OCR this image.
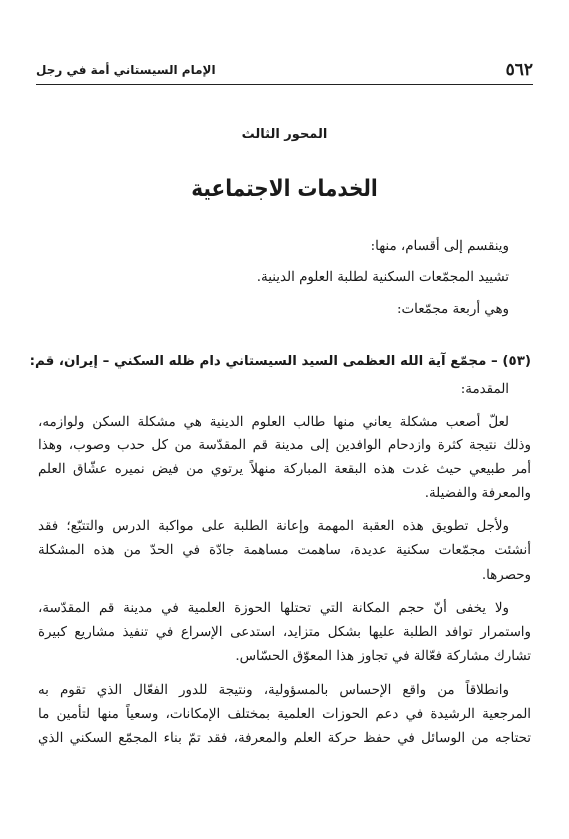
٥٦٢
الإمام السيستاني أمة في رجل
المحور الثالث
الخدمات الاجتماعية
وينقسم إلى أقسام، منها:
تشييد المجمّعات السكنية لطلبة العلوم الدينية.
وهي أربعة مجمّعات:
(٥٣) – مجمّع آية الله العظمى السيد السيستاني دام ظله السكني – إيران، قم:
المقدمة:
لعلّ أصعب مشكلة يعاني منها طالب العلوم الدينية هي مشكلة السكن ولوازمه،
وذلك نتيجة كثرة وازدحام الوافدين إلى مدينة قم المقدّسة من كل حدب وصوب، وهذا
أمر طبيعي حيث غدت هذه البقعة المباركة منهلاً يرتوي من فيض نميره عشّاق العلم
والمعرفة والفضيلة.
ولأجل تطويق هذه العقبة المهمة وإعانة الطلبة على مواكبة الدرس والتتبّع؛ فقد
أنشئت مجمّعات سكنية عديدة، ساهمت مساهمة جادّة في الحدّ من هذه المشكلة
وحصرها.
ولا يخفى أنّ حجم المكانة التي تحتلها الحوزة العلمية في مدينة قم المقدّسة،
واستمرار توافد الطلبة عليها بشكل متزايد، استدعى الإسراع في تنفيذ مشاريع كبيرة
تشارك مشاركة فعّالة في تجاوز هذا المعوّق الحسّاس.
وانطلاقاً من واقع الإحساس بالمسؤولية، ونتيجة للدور الفعّال الذي تقوم به
المرجعية الرشيدة في دعم الحوزات العلمية بمختلف الإمكانات، وسعياً منها لتأمين ما
تحتاجه من الوسائل في حفظ حركة العلم والمعرفة، فقد تمّ بناء المجمّع السكني الذي
